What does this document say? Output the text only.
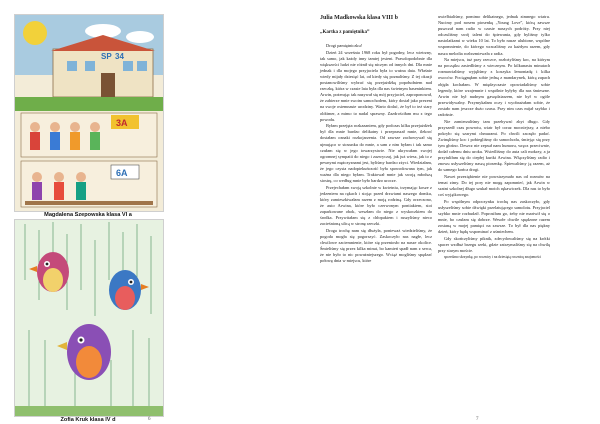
SP 34
3A
6A
Magdalena Szepowska klasa VI a
Zofia Kruk klasa IV d	6
Julia Madkowska klasa VIII b
„Kartka z pamiętnika”

Drogi pamiętniczku!

Dzień 24 września 1968 roku był pogodny, lecz wietrzny, tak samo, jak każdy inny tamtej jesieni. Prawdopodobnie dla większości ludzi nie różnił się niczym od innych dni. Dla mnie jednak i dla mojego przyjaciela była to ważna data. Właśnie wtedy mijały dziesięć lat, od kiedy się poznaliśmy. Z tej okazji postanowiliśmy wybrać się przejażdżkę popołudniem nad rzeczkę, która w czasie lata była dla nas świetnym baseninkiem. Arwin, pożerając tak nazywał się mój przyjaciel, zaproponował, że zabierze mnie swoim samochodem, który dostał jako prezent na swoje osiemnaste urodziny. Warto dodać, że był to też stary oldtimer, a mimo to nadal sprawny. Zazdrościłam mu z tego powodu.

Byłam przejęta rozkazaniem, gdy podczas kilku przejażdżek był dla mnie bardzo delikatny i przepraszał mnie, ilekroć dostałam oznaki rozkojarzenia. Od zawsze zachowywał się ujmująco w stosunku do mnie, a sam z nim byłam i tak samo czułam się w jego towarzystwie. Nie ukrywałam swojej ogromnej sympatii do niego i zazwyczaj, jak już wiesz, jak to z pewnymi mężczyznami jest, byliśmy bardzo zżyci. Wiedziałam, że jego czysta nadopiekuńczość była spowodowana tym, jak ważna dla niego byłam. Traktował mnie jak swoją młodszą siostrę, co według mnie było bardzo urocze.

Przejechałam swoją szkolnie w kwietniu, trzymając kosze z jedzeniem na rękach i stojąc przed drzwiami naszego domku, który zamieszkiwałam razem z moją rodziną. Gdy orzeczono, że auto Arwina, które było czerwonym pontiakiem, stoi zaparkowane obok, weszłam do niego z wyskoczkiem do środka. Przywitałam się z chłopakiem i ruszyliśmy nieco zacieśnioną ulicą w stronę rzeczki.

Droga trochę nam się dłużyła, ponieważ wiedzieliśmy, że pogoda mogła się pogorszyć. Zaskoczyło nas nagłe, lecz chwilowe zaciemnienie, które się przeniosło na nasze okolice. Śmieliśmy się przez kilka minut, bo kamień spadł nam z serca, że nie było to nic poważniejszego. Wciąż mogliśmy spędzać połowę dnia w miejscu, które

uwielbialiśmy, pomimo delikatnego, jednak zimnego wiatru. Nucimy pod nosem piosenkę „Young Love”, którą zawsze puszczał nam radio w czasie naszych podróży. Przy niej odczuliśmy swój talent do śpiewania, gdy byliśmy tylko nastolatkami w wieku 10 lat. To było nasze ulubione, wspólne wspomnienie, do którego wracaliśmy za każdym razem, gdy nasza melodia rozbrzmiewała z radia.

Na miejscu, tuż przy rzeczce, rozłożyliśmy koc, na którym na początku zasiedliśmy z wiecznym. Po kilkunastu minutach rozmawialiśmy wyjęliśmy z koszyka lemoniadę i kilka owoców. Pociągnęłam sobie jedną z mandarynek, którą zapach objęła kochałam. W międzyczasie opowiadaliśmy sobie legendy, które wzajemnie i wspólnie byłyby dla nas śmieszne. Arwin nie był nudnym gawędziarzem, nie był w ogóle przewidywalny. Przymykałam oczy i wyobrażałam sobie, że zostało nam jeszcze dużo czasu. Przy nim czas mijał szybko i radośnie.

Nie zamierzaliśmy tam przebywać zbyt długo. Gdy przyszedł czas powrotu, wiatr był coraz mocniejszy, a niebo pokryło się szarymi chmurami. Po chwili zaczęło padać. Zwinęliśmy koc i pobiegliśmy do samochodu, śmiejąc się przy tym głośno. Deszcz nie zepsuł nam humoru, wręcz przeciwnie, dodał całemu dniu uroku. Wsiedliśmy do auta cali mokrzy, a ja przytuliłam się do ciepłej kurtki Arwina. Włączyliśmy radio i znowu usłyszeliśmy naszą piosenkę. Śpiewaliśmy ją razem, aż do samego końca drogi.

Nawet przeziębienie nie powstrzymało nas od rozmów na temat zimy. Do tej pory nie mogę zapomnieć, jak Arwin w szatni szkolnej długo szukał moich rękawiczek. Dla nas to było coś wyjątkowego.

Po wspólnym odpoczynku trochę nas zaskoczyło, gdy usłyszeliśmy sobie dźwięki przelatującego samolotu. Przyjaciel szybko mnie rozbudził. Poprosiłam go, żeby nie martwił się o mnie, bo czułam się dobrze. Wesołe chwile spędzone razem zostaną w mojej pamięci na zawsze. To był dla nas piękny dzień, który będę wspominać z uśmiechem.

Gdy skończyliśmy piknik, zdecydowaliśmy się na krótki spacer wzdłuż brzegu rzeki, gdzie zatrzymaliśmy się na chwilę przy starym moście.

sprzedano skrzynkę, po rocznicy i na dziesiątą rocznicę znajomości

7
